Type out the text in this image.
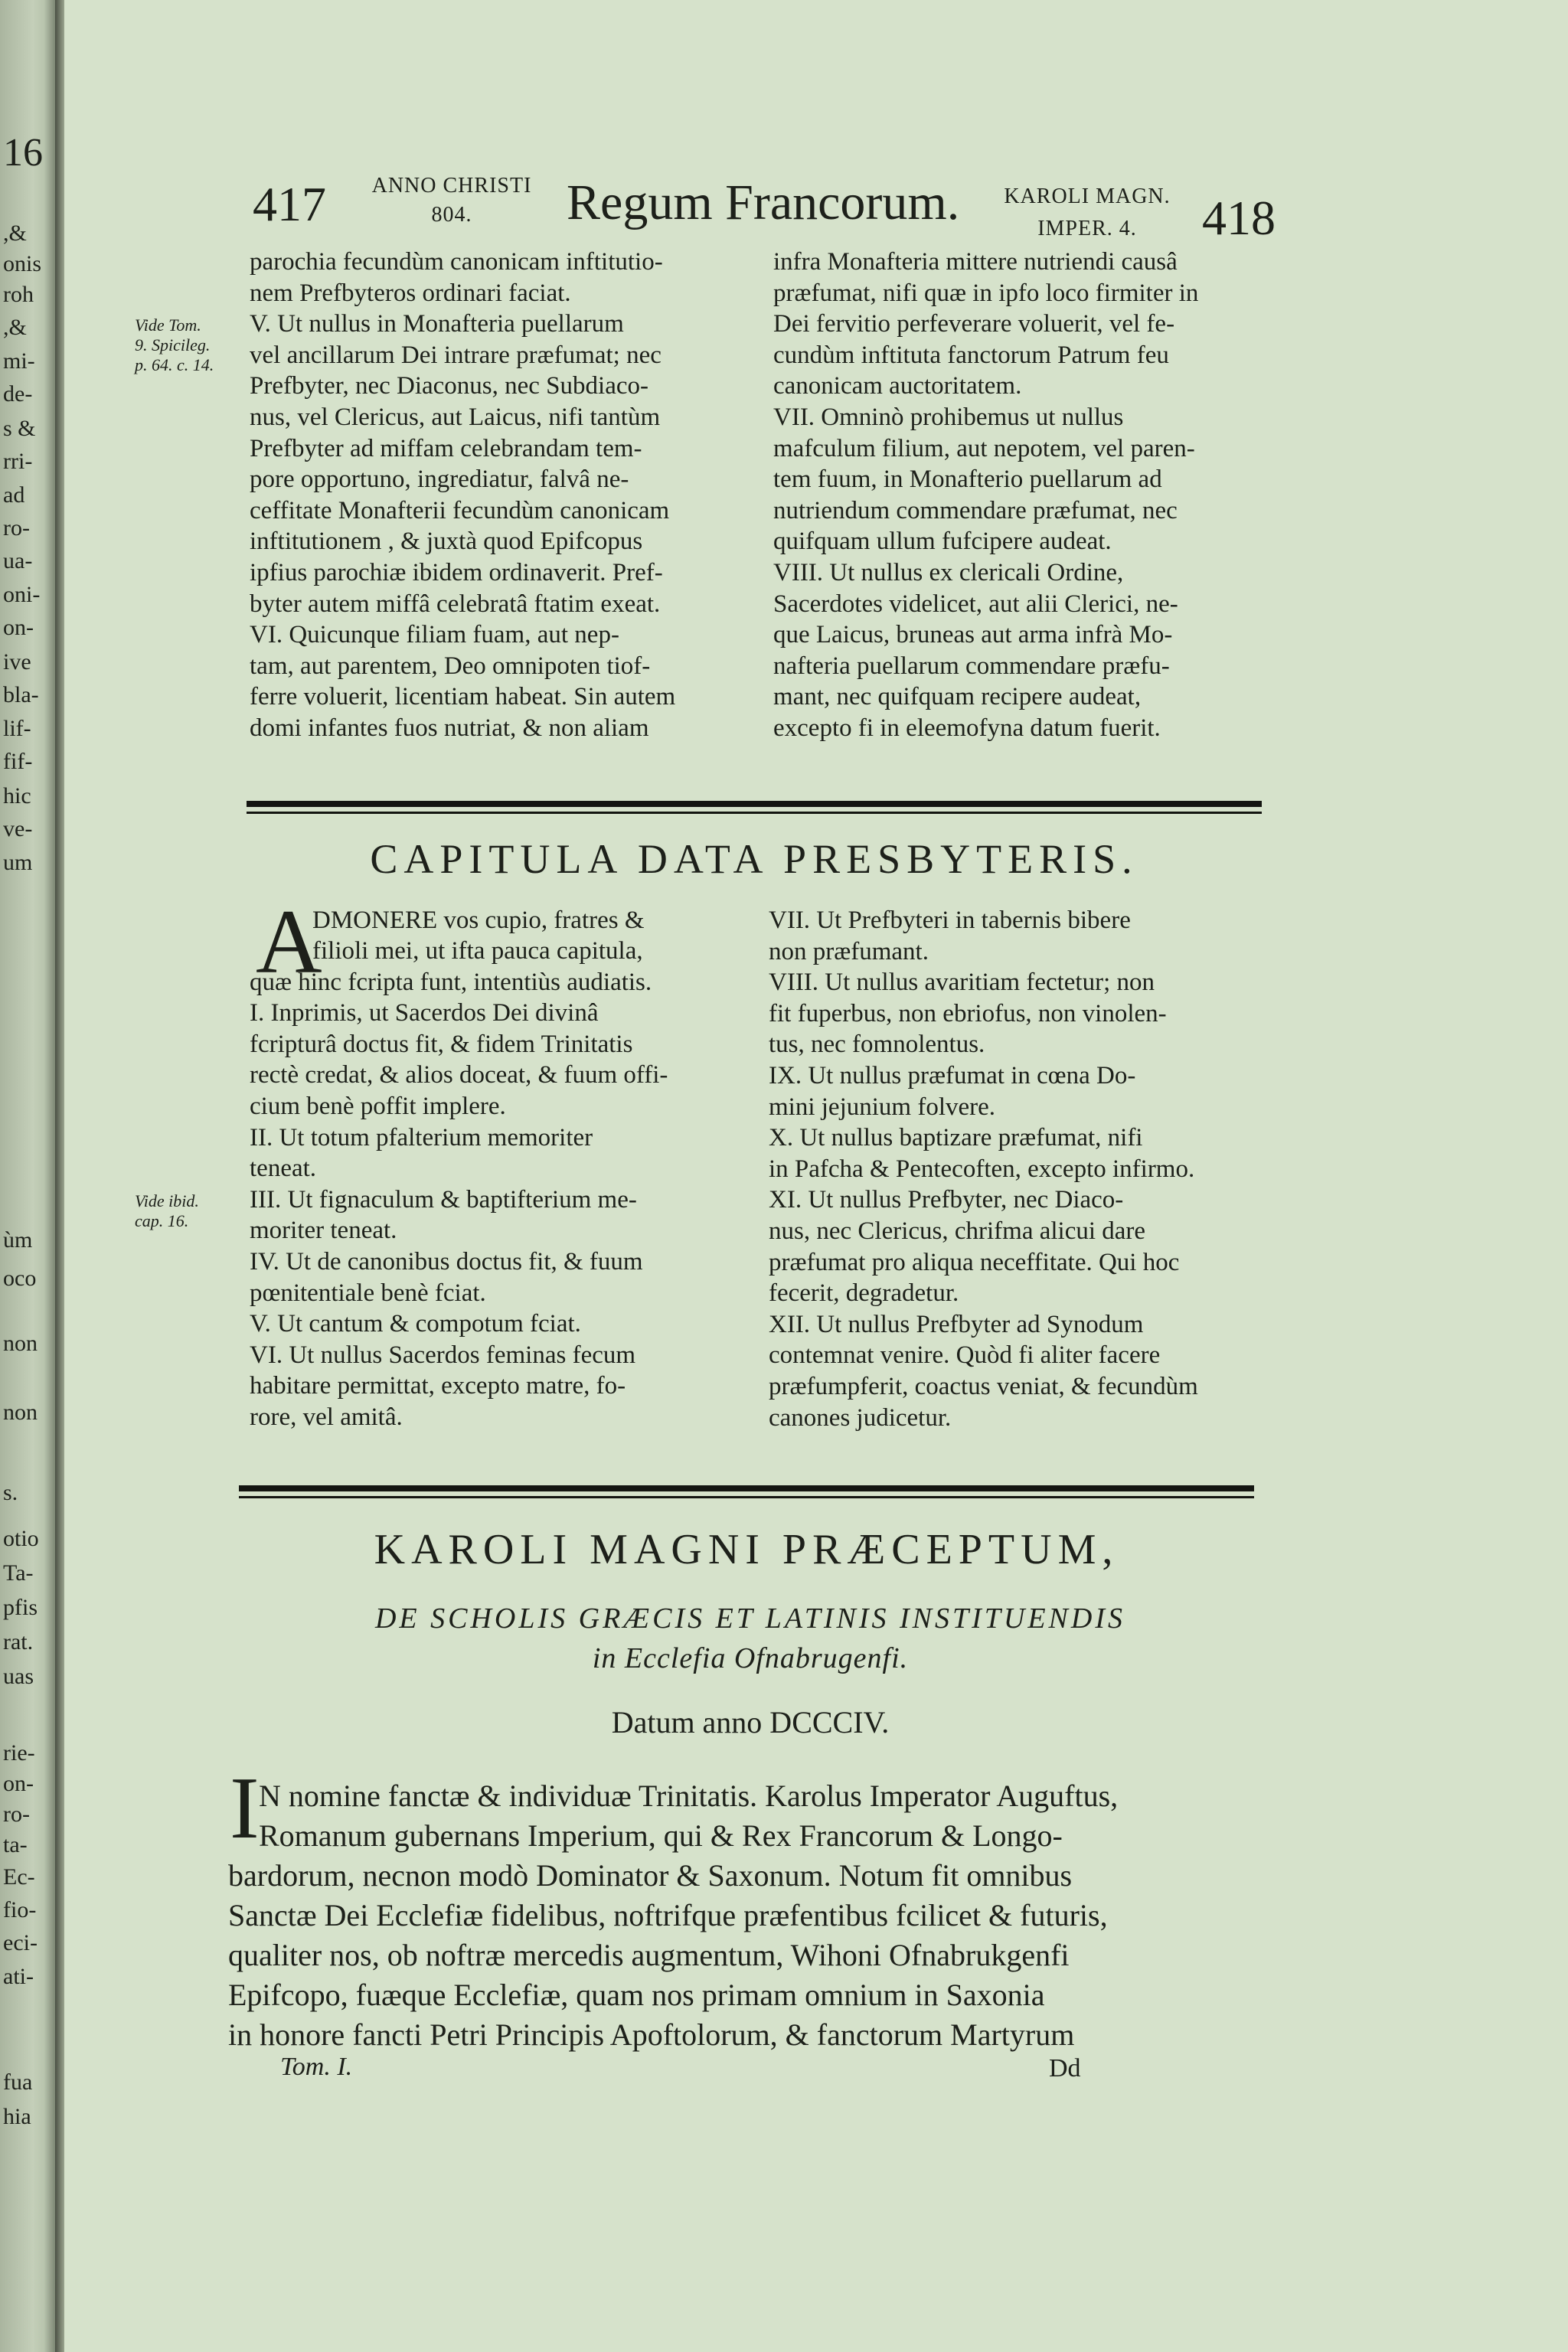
16
,&
onis
roh
,&
mi-
de-
s &
rri-
ad
ro-
ua-
oni-
on-
ive
bla-
lif-
fif-
hic
ve-
um
ùm
oco
non
non
s.
otio
Ta-
pfis
rat.
uas
rie-
on-
ro-
ta-
Ec-
fio-
eci-
ati-
fua
hia
417	ANNO CHRISTI
804.	Regum Francorum.	KAROLI MAGN.
IMPER. 4.	418
Vide Tom.
9. Spicileg.
p. 64. c. 14.
Vide ibid.
cap. 16.
parochia fecundùm canonicam inftitutio-
nem Prefbyteros ordinari faciat.
V. Ut nullus in Monafteria puellarum
vel ancillarum Dei intrare præfumat; nec
Prefbyter, nec Diaconus, nec Subdiaco-
nus, vel Clericus, aut Laicus, nifi tantùm
Prefbyter ad miffam celebrandam tem-
pore opportuno, ingrediatur, falvâ ne-
ceffitate Monafterii fecundùm canonicam
inftitutionem , & juxtà quod Epifcopus
ipfius parochiæ ibidem ordinaverit. Pref-
byter autem miffâ celebratâ ftatim exeat.
VI. Quicunque filiam fuam, aut nep-
tam, aut parentem, Deo omnipoten tiof-
ferre voluerit, licentiam habeat. Sin autem
domi infantes fuos nutriat, & non aliam
infra Monafteria mittere nutriendi causâ
præfumat, nifi quæ in ipfo loco firmiter in
Dei fervitio perfeverare voluerit, vel fe-
cundùm inftituta fanctorum Patrum feu
canonicam auctoritatem.
VII. Omninò prohibemus ut nullus
mafculum filium, aut nepotem, vel paren-
tem fuum, in Monafterio puellarum ad
nutriendum commendare præfumat, nec
quifquam ullum fufcipere audeat.
VIII. Ut nullus ex clericali Ordine,
Sacerdotes videlicet, aut alii Clerici, ne-
que Laicus, bruneas aut arma infrà Mo-
nafteria puellarum commendare præfu-
mant, nec quifquam recipere audeat,
excepto fi in eleemofyna datum fuerit.
CAPITULA DATA PRESBYTERIS.
A
DMONERE vos cupio, fratres &
filioli mei, ut ifta pauca capitula,
quæ hinc fcripta funt, intentiùs audiatis.
I. Inprimis, ut Sacerdos Dei divinâ
fcripturâ doctus fit, & fidem Trinitatis
rectè credat, & alios doceat, & fuum offi-
cium benè poffit implere.
II. Ut totum pfalterium memoriter
teneat.
III. Ut fignaculum & baptifterium me-
moriter teneat.
IV. Ut de canonibus doctus fit, & fuum
pœnitentiale benè fciat.
V. Ut cantum & compotum fciat.
VI. Ut nullus Sacerdos feminas fecum
habitare permittat, excepto matre, fo-
rore, vel amitâ.
VII. Ut Prefbyteri in tabernis bibere
non præfumant.
VIII. Ut nullus avaritiam fectetur; non
fit fuperbus, non ebriofus, non vinolen-
tus, nec fomnolentus.
IX. Ut nullus præfumat in cœna Do-
mini jejunium folvere.
X. Ut nullus baptizare præfumat, nifi
in Pafcha & Pentecoften, excepto infirmo.
XI. Ut nullus Prefbyter, nec Diaco-
nus, nec Clericus, chrifma alicui dare
præfumat pro aliqua neceffitate. Qui hoc
fecerit, degradetur.
XII. Ut nullus Prefbyter ad Synodum
contemnat venire. Quòd fi aliter facere
præfumpferit, coactus veniat, & fecundùm
canones judicetur.
KAROLI MAGNI PRÆCEPTUM,
DE SCHOLIS GRÆCIS ET LATINIS INSTITUENDIS
in Ecclefia Ofnabrugenfi.
Datum anno DCCCIV.
I N nomine fanctæ & individuæ Trinitatis. Karolus Imperator Auguftus,
Romanum gubernans Imperium, qui & Rex Francorum & Longo-
bardorum, necnon modò Dominator & Saxonum. Notum fit omnibus
Sanctæ Dei Ecclefiæ fidelibus, noftrifque præfentibus fcilicet & futuris,
qualiter nos, ob noftræ mercedis augmentum, Wihoni Ofnabrukgenfi
Epifcopo, fuæque Ecclefiæ, quam nos primam omnium in Saxonia
in honore fancti Petri Principis Apoftolorum, & fanctorum Martyrum
Tom. I.	Dd
